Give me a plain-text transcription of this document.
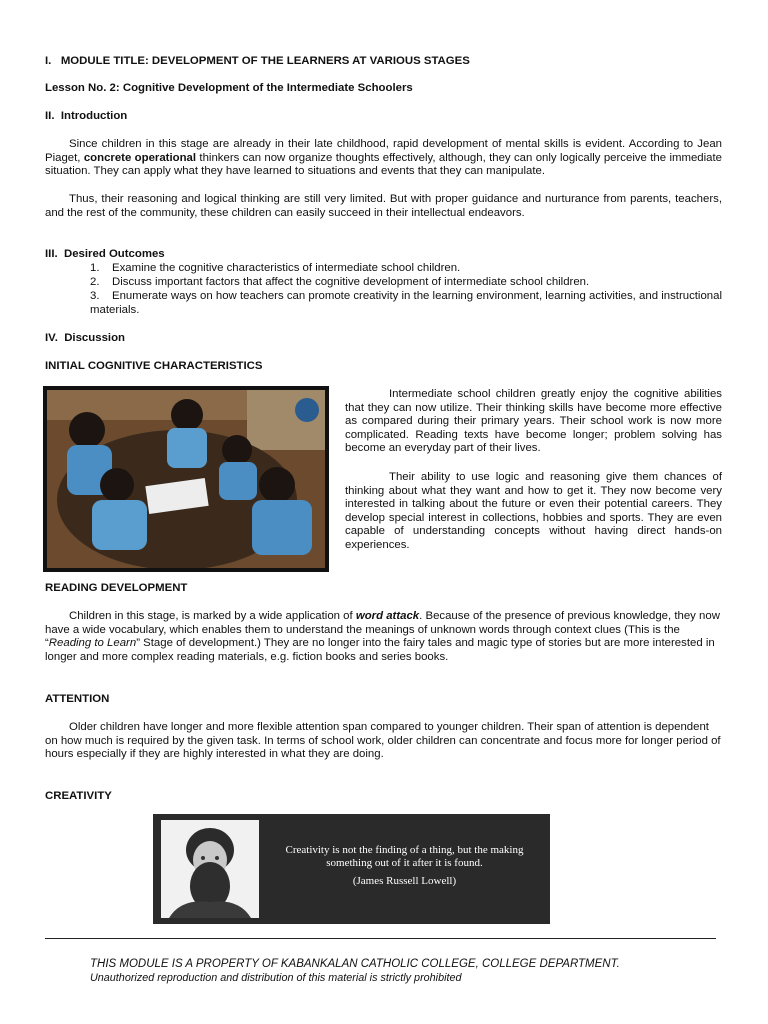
I.   MODULE TITLE: DEVELOPMENT OF THE LEARNERS AT VARIOUS STAGES
Lesson No. 2: Cognitive Development of the Intermediate Schoolers
II.  Introduction
Since children in this stage are already in their late childhood, rapid development of mental skills is evident. According to Jean Piaget, concrete operational thinkers can now organize thoughts effectively, although, they can only logically perceive the immediate situation. They can apply what they have learned to situations and events that they can manipulate.
Thus, their reasoning and logical thinking are still very limited. But with proper guidance and nurturance from parents, teachers, and the rest of the community, these children can easily succeed in their intellectual endeavors.
III.  Desired Outcomes
1. Examine the cognitive characteristics of intermediate school children.
2. Discuss important factors that affect the cognitive development of intermediate school children.
3. Enumerate ways on how teachers can promote creativity in the learning environment, learning activities, and instructional materials.
IV.  Discussion
INITIAL COGNITIVE CHARACTERISTICS
Intermediate school children greatly enjoy the cognitive abilities that they can now utilize. Their thinking skills have become more effective as compared during their primary years. Their school work is now more complicated. Reading texts have become longer; problem solving has become an everyday part of their lives.
Their ability to use logic and reasoning give them chances of thinking about what they want and how to get it. They now become very interested in talking about the future or even their potential careers. They develop special interest in collections, hobbies and sports. They are even capable of understanding concepts without having direct hands-on experiences.
READING DEVELOPMENT
Children in this stage, is marked by a wide application of word attack. Because of the presence of previous knowledge, they now have a wide vocabulary, which enables them to understand the meanings of unknown words through context clues (This is the “Reading to Learn” Stage of development.) They are no longer into the fairy tales and magic type of stories but are more interested in longer and more complex reading materials, e.g. fiction books and series books.
ATTENTION
Older children have longer and more flexible attention span compared to younger children. Their span of attention is dependent on how much is required by the given task. In terms of school work, older children can concentrate and focus more for longer period of hours especially if they are highly interested in what they are doing.
CREATIVITY
Creativity is not the finding of a thing, but the making something out of it after it is found.
(James Russell Lowell)
THIS MODULE IS A PROPERTY OF KABANKALAN CATHOLIC COLLEGE, COLLEGE DEPARTMENT.
Unauthorized reproduction and distribution of this material is strictly prohibited
